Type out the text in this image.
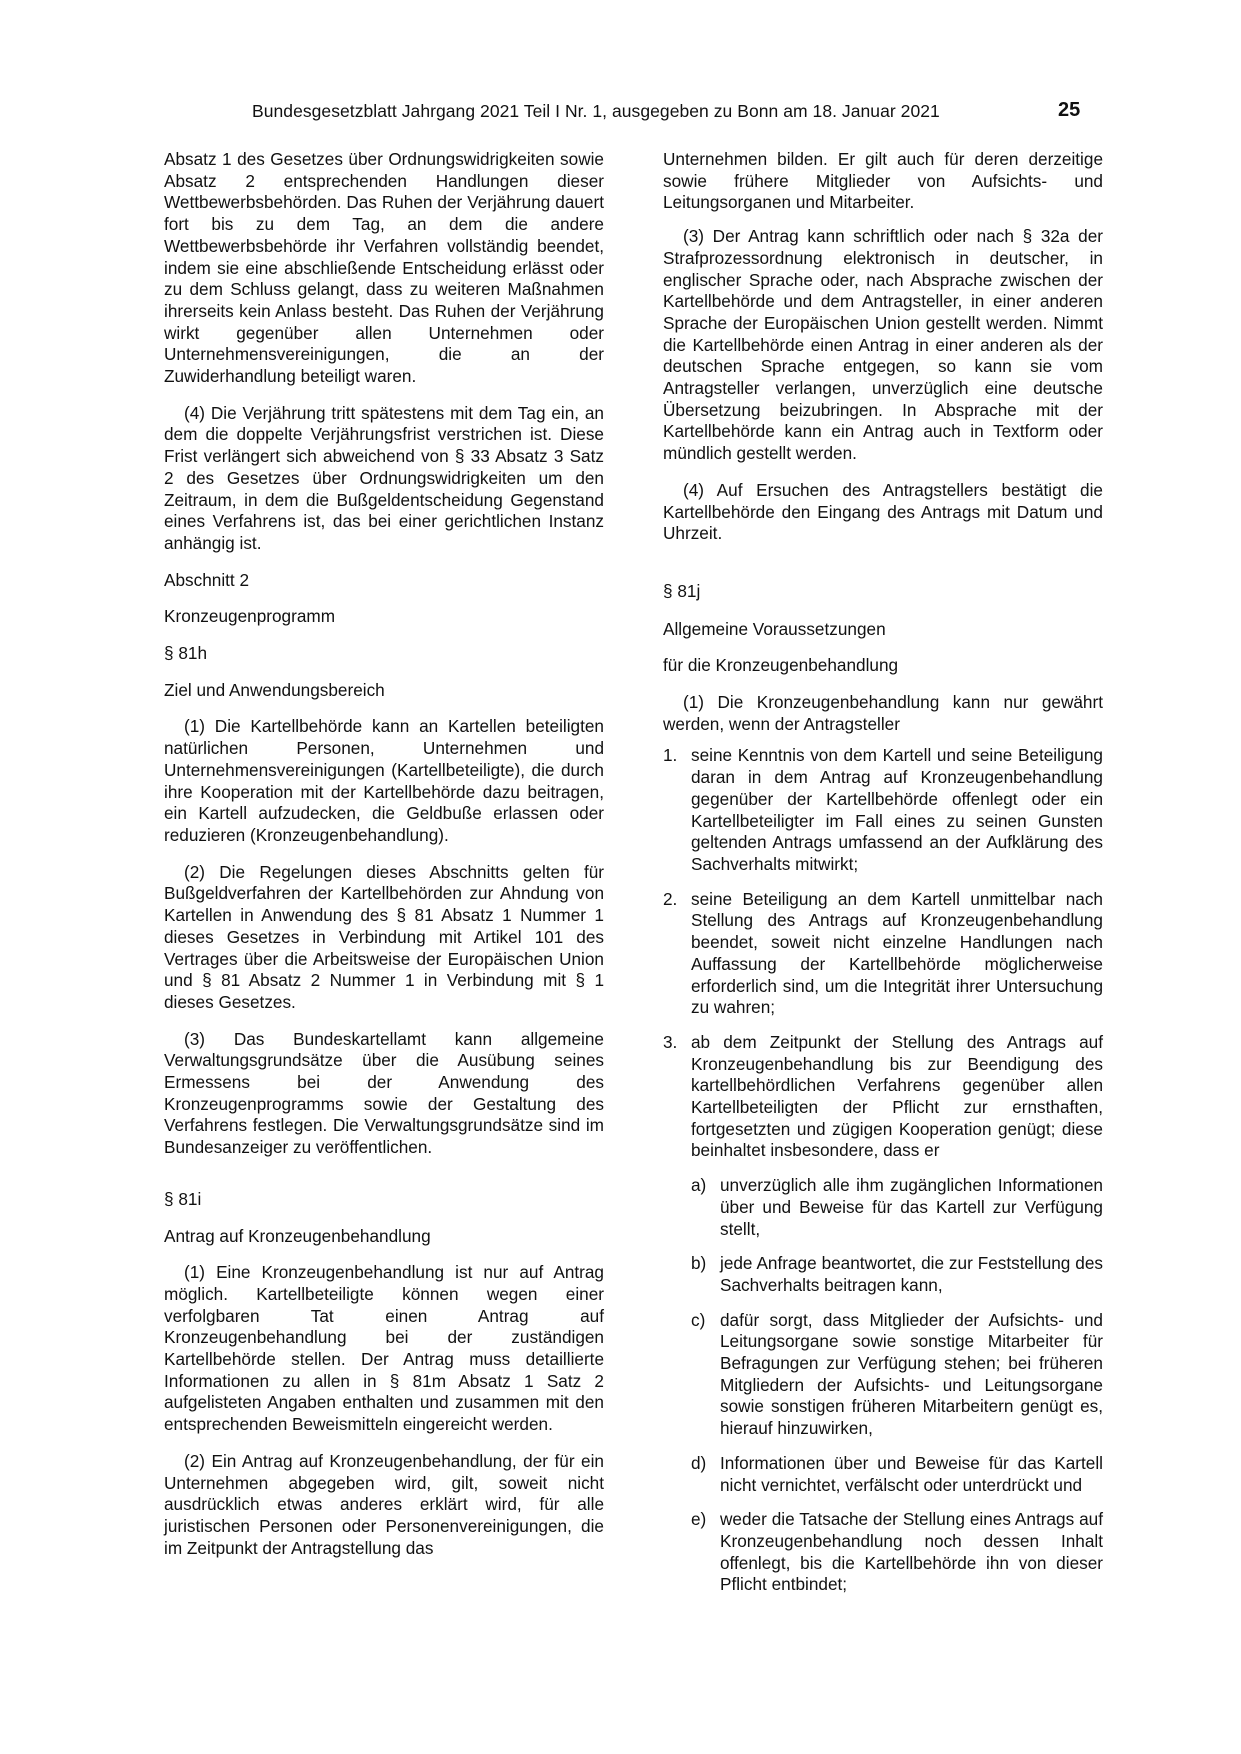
Bundesgesetzblatt Jahrgang 2021 Teil I Nr. 1, ausgegeben zu Bonn am 18. Januar 2021	25

Absatz 1 des Gesetzes über Ordnungswidrigkeiten sowie Absatz 2 entsprechenden Handlungen dieser Wettbewerbsbehörden. Das Ruhen der Verjährung dauert fort bis zu dem Tag, an dem die andere Wettbewerbsbehörde ihr Verfahren vollständig beendet, indem sie eine abschließende Entscheidung erlässt oder zu dem Schluss gelangt, dass zu weiteren Maßnahmen ihrerseits kein Anlass besteht. Das Ruhen der Verjährung wirkt gegenüber allen Unternehmen oder Unternehmensvereinigungen, die an der Zuwiderhandlung beteiligt waren.

(4) Die Verjährung tritt spätestens mit dem Tag ein, an dem die doppelte Verjährungsfrist verstrichen ist. Diese Frist verlängert sich abweichend von § 33 Absatz 3 Satz 2 des Gesetzes über Ordnungswidrigkeiten um den Zeitraum, in dem die Bußgeldentscheidung Gegenstand eines Verfahrens ist, das bei einer gerichtlichen Instanz anhängig ist.

Abschnitt 2

Kronzeugenprogramm

§ 81h

Ziel und Anwendungsbereich

(1) Die Kartellbehörde kann an Kartellen beteiligten natürlichen Personen, Unternehmen und Unternehmensvereinigungen (Kartellbeteiligte), die durch ihre Kooperation mit der Kartellbehörde dazu beitragen, ein Kartell aufzudecken, die Geldbuße erlassen oder reduzieren (Kronzeugenbehandlung).

(2) Die Regelungen dieses Abschnitts gelten für Bußgeldverfahren der Kartellbehörden zur Ahndung von Kartellen in Anwendung des § 81 Absatz 1 Nummer 1 dieses Gesetzes in Verbindung mit Artikel 101 des Vertrages über die Arbeitsweise der Europäischen Union und § 81 Absatz 2 Nummer 1 in Verbindung mit § 1 dieses Gesetzes.

(3) Das Bundeskartellamt kann allgemeine Verwaltungsgrundsätze über die Ausübung seines Ermessens bei der Anwendung des Kronzeugenprogramms sowie der Gestaltung des Verfahrens festlegen. Die Verwaltungsgrundsätze sind im Bundesanzeiger zu veröffentlichen.

§ 81i

Antrag auf Kronzeugenbehandlung

(1) Eine Kronzeugenbehandlung ist nur auf Antrag möglich. Kartellbeteiligte können wegen einer verfolgbaren Tat einen Antrag auf Kronzeugenbehandlung bei der zuständigen Kartellbehörde stellen. Der Antrag muss detaillierte Informationen zu allen in § 81m Absatz 1 Satz 2 aufgelisteten Angaben enthalten und zusammen mit den entsprechenden Beweismitteln eingereicht werden.

(2) Ein Antrag auf Kronzeugenbehandlung, der für ein Unternehmen abgegeben wird, gilt, soweit nicht ausdrücklich etwas anderes erklärt wird, für alle juristischen Personen oder Personenvereinigungen, die im Zeitpunkt der Antragstellung das

Unternehmen bilden. Er gilt auch für deren derzeitige sowie frühere Mitglieder von Aufsichts- und Leitungsorganen und Mitarbeiter.

(3) Der Antrag kann schriftlich oder nach § 32a der Strafprozessordnung elektronisch in deutscher, in englischer Sprache oder, nach Absprache zwischen der Kartellbehörde und dem Antragsteller, in einer anderen Sprache der Europäischen Union gestellt werden. Nimmt die Kartellbehörde einen Antrag in einer anderen als der deutschen Sprache entgegen, so kann sie vom Antragsteller verlangen, unverzüglich eine deutsche Übersetzung beizubringen. In Absprache mit der Kartellbehörde kann ein Antrag auch in Textform oder mündlich gestellt werden.

(4) Auf Ersuchen des Antragstellers bestätigt die Kartellbehörde den Eingang des Antrags mit Datum und Uhrzeit.

§ 81j

Allgemeine Voraussetzungen

für die Kronzeugenbehandlung

(1) Die Kronzeugenbehandlung kann nur gewährt werden, wenn der Antragsteller

1. seine Kenntnis von dem Kartell und seine Beteiligung daran in dem Antrag auf Kronzeugenbehandlung gegenüber der Kartellbehörde offenlegt oder ein Kartellbeteiligter im Fall eines zu seinen Gunsten geltenden Antrags umfassend an der Aufklärung des Sachverhalts mitwirkt;
2. seine Beteiligung an dem Kartell unmittelbar nach Stellung des Antrags auf Kronzeugenbehandlung beendet, soweit nicht einzelne Handlungen nach Auffassung der Kartellbehörde möglicherweise erforderlich sind, um die Integrität ihrer Untersuchung zu wahren;
3. ab dem Zeitpunkt der Stellung des Antrags auf Kronzeugenbehandlung bis zur Beendigung des kartellbehördlichen Verfahrens gegenüber allen Kartellbeteiligten der Pflicht zur ernsthaften, fortgesetzten und zügigen Kooperation genügt; diese beinhaltet insbesondere, dass er
a) unverzüglich alle ihm zugänglichen Informationen über und Beweise für das Kartell zur Verfügung stellt,
b) jede Anfrage beantwortet, die zur Feststellung des Sachverhalts beitragen kann,
c) dafür sorgt, dass Mitglieder der Aufsichts- und Leitungsorgane sowie sonstige Mitarbeiter für Befragungen zur Verfügung stehen; bei früheren Mitgliedern der Aufsichts- und Leitungsorgane sowie sonstigen früheren Mitarbeitern genügt es, hierauf hinzuwirken,
d) Informationen über und Beweise für das Kartell nicht vernichtet, verfälscht oder unterdrückt und
e) weder die Tatsache der Stellung eines Antrags auf Kronzeugenbehandlung noch dessen Inhalt offenlegt, bis die Kartellbehörde ihn von dieser Pflicht entbindet;
